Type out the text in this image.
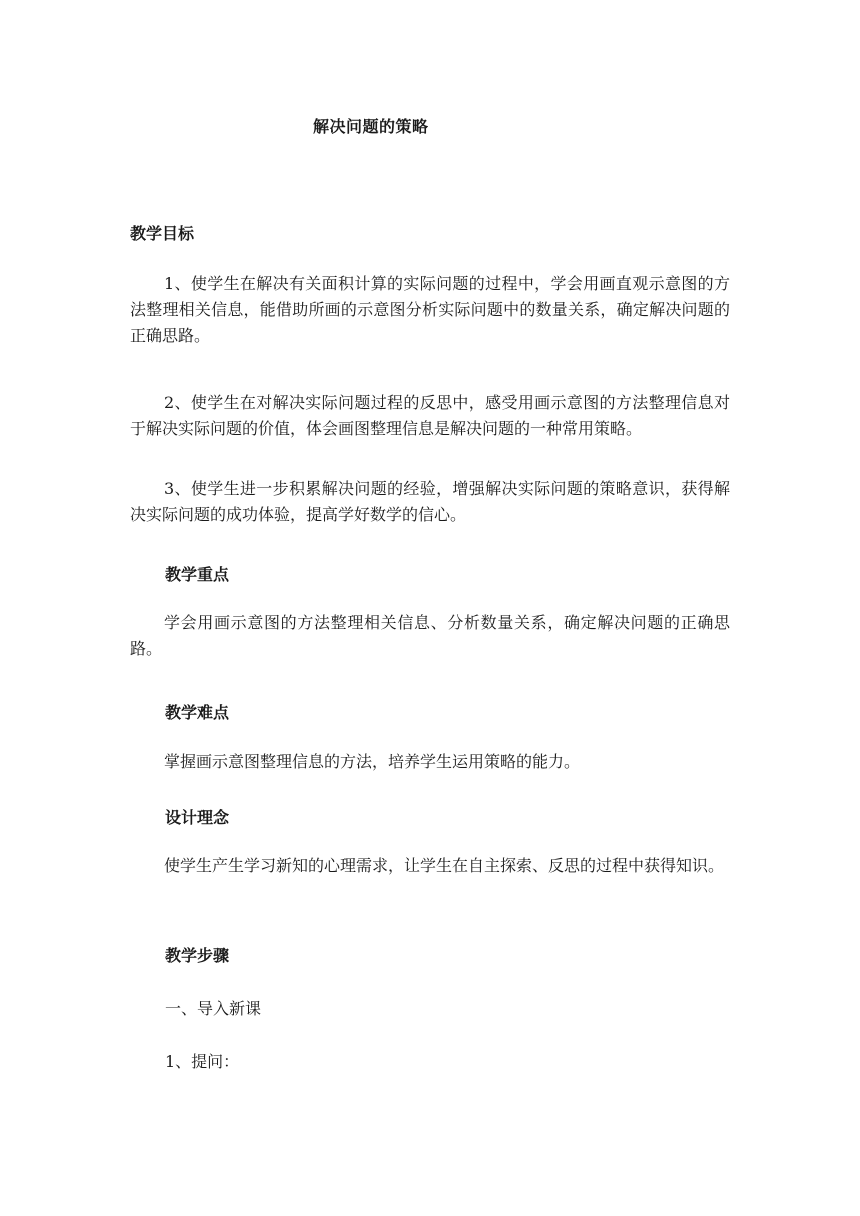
解决问题的策略
教学目标

1、使学生在解决有关面积计算的实际问题的过程中，学会用画直观示意图的方法整理相关信息，能借助所画的示意图分析实际问题中的数量关系，确定解决问题的正确思路。

2、使学生在对解决实际问题过程的反思中，感受用画示意图的方法整理信息对于解决实际问题的价值，体会画图整理信息是解决问题的一种常用策略。

3、使学生进一步积累解决问题的经验，增强解决实际问题的策略意识，获得解决实际问题的成功体验，提高学好数学的信心。

教学重点

学会用画示意图的方法整理相关信息、分析数量关系，确定解决问题的正确思路。

教学难点

掌握画示意图整理信息的方法，培养学生运用策略的能力。

设计理念

使学生产生学习新知的心理需求，让学生在自主探索、反思的过程中获得知识。

教学步骤
一、导入新课
1、提问：
